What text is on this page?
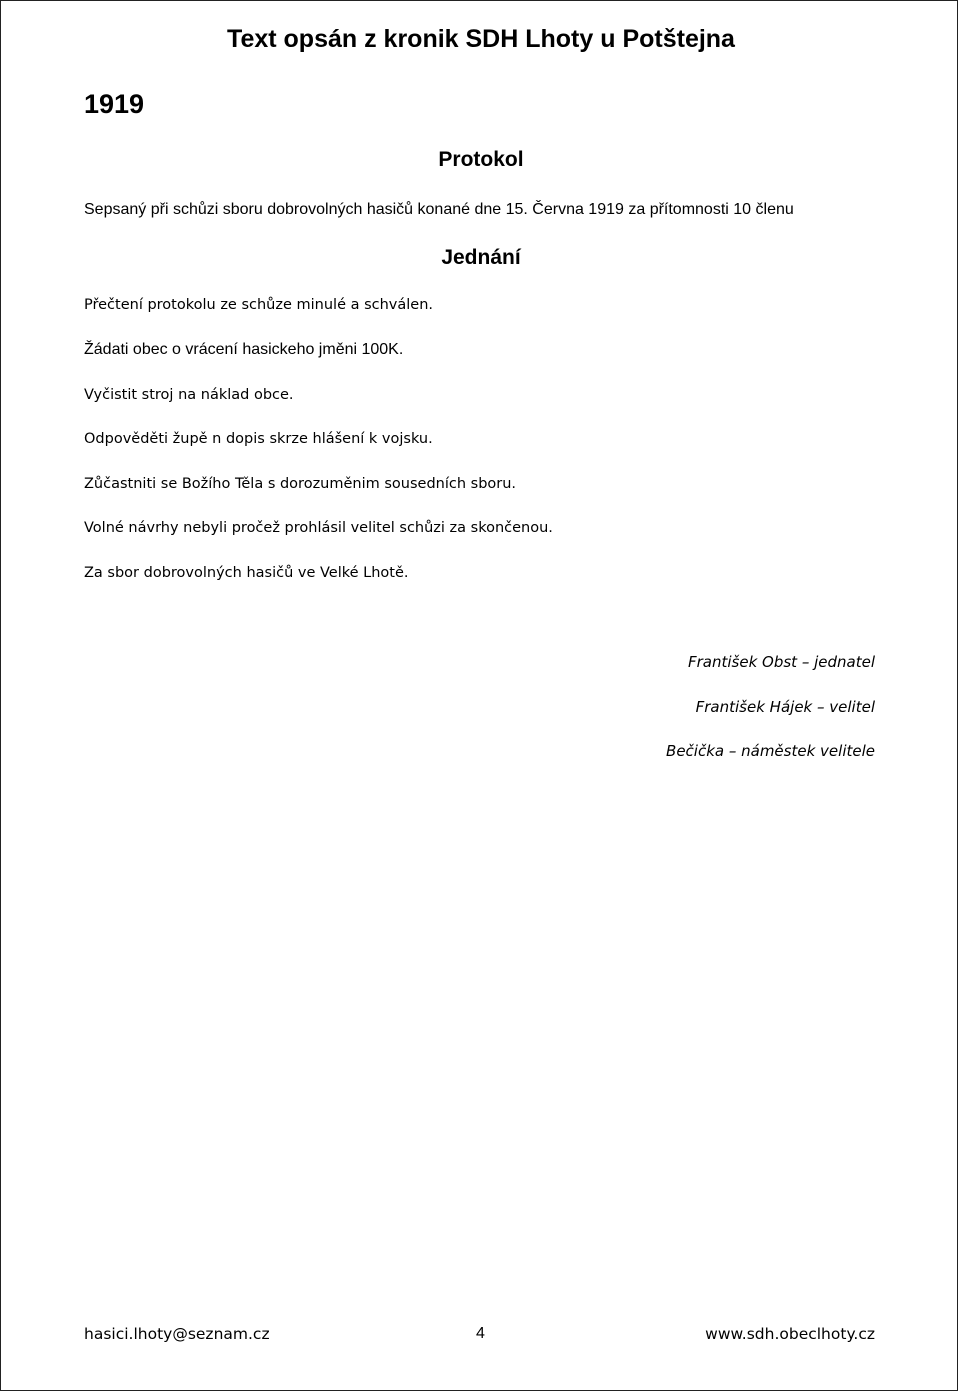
Text opsán z kronik SDH Lhoty u Potštejna
1919
Protokol
Sepsaný při schůzi sboru dobrovolných hasičů konané dne 15. Června 1919 za přítomnosti 10 členu
Jednání
Přečtení protokolu ze schůze minulé a schválen.
Žádati obec o vrácení hasickeho jměni 100K.
Vyčistit stroj na náklad obce.
Odpověděti župě n dopis skrze hlášení k vojsku.
Zůčastniti se Božího Těla s dorozuměnim sousedních sboru.
Volné návrhy nebyli pročež prohlásil velitel schůzi za skončenou.
Za sbor dobrovolných hasičů ve Velké Lhotě.
František Obst – jednatel
František Hájek – velitel
Bečička – náměstek velitele
hasici.lhoty@seznam.cz	4	www.sdh.obeclhoty.cz
